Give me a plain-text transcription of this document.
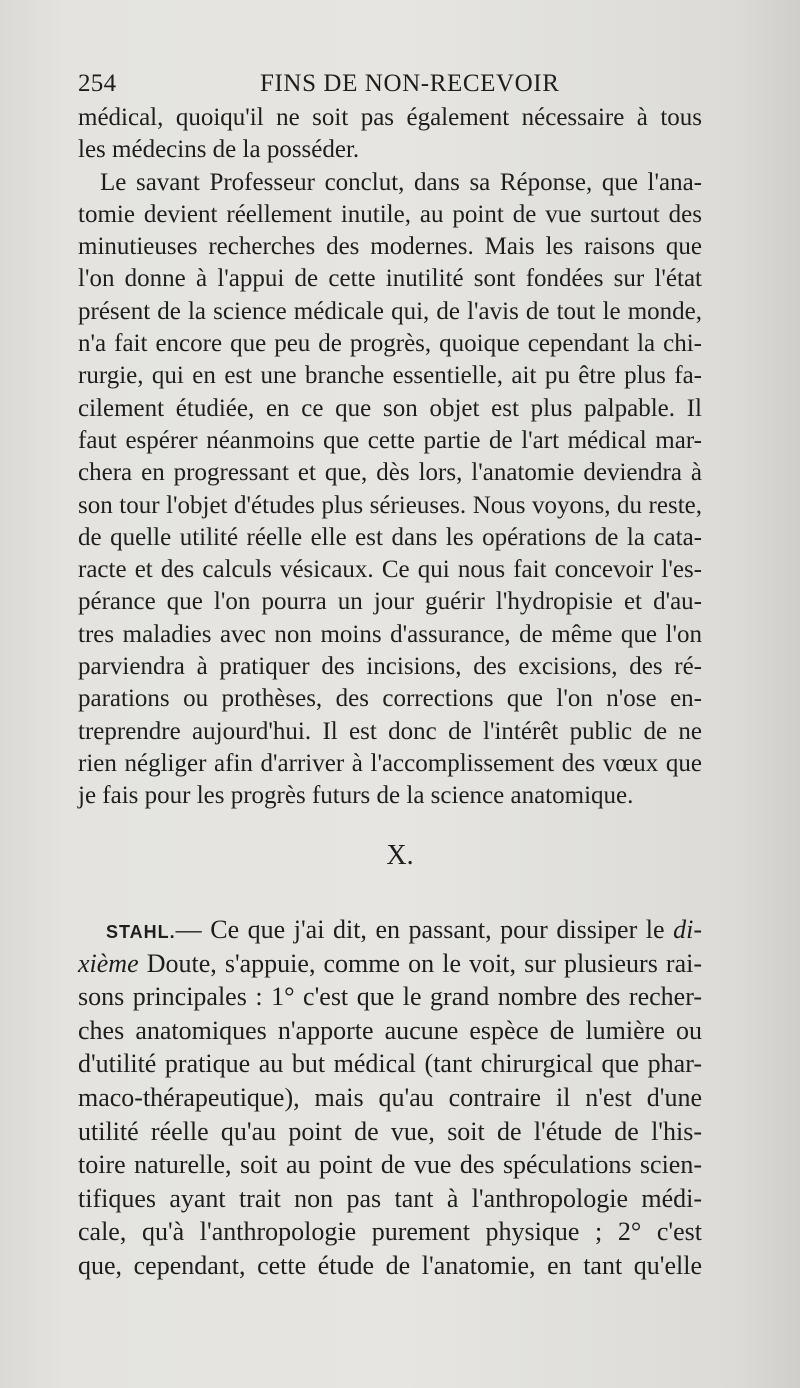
254	FINS DE NON-RECEVOIR
médical, quoiqu'il ne soit pas également nécessaire à tous
les médecins de la posséder.
Le savant Professeur conclut, dans sa Réponse, que l'ana-
tomie devient réellement inutile, au point de vue surtout des
minutieuses recherches des modernes. Mais les raisons que
l'on donne à l'appui de cette inutilité sont fondées sur l'état
présent de la science médicale qui, de l'avis de tout le monde,
n'a fait encore que peu de progrès, quoique cependant la chi-
rurgie, qui en est une branche essentielle, ait pu être plus fa-
cilement étudiée, en ce que son objet est plus palpable. Il
faut espérer néanmoins que cette partie de l'art médical mar-
chera en progressant et que, dès lors, l'anatomie deviendra à
son tour l'objet d'études plus sérieuses. Nous voyons, du reste,
de quelle utilité réelle elle est dans les opérations de la cata-
racte et des calculs vésicaux. Ce qui nous fait concevoir l'es-
pérance que l'on pourra un jour guérir l'hydropisie et d'au-
tres maladies avec non moins d'assurance, de même que l'on
parviendra à pratiquer des incisions, des excisions, des ré-
parations ou prothèses, des corrections que l'on n'ose en-
treprendre aujourd'hui. Il est donc de l'intérêt public de ne
rien négliger afin d'arriver à l'accomplissement des vœux que
je fais pour les progrès futurs de la science anatomique.
X.
STAHL.— Ce que j'ai dit, en passant, pour dissiper le di-
xième Doute, s'appuie, comme on le voit, sur plusieurs rai-
sons principales : 1° c'est que le grand nombre des recher-
ches anatomiques n'apporte aucune espèce de lumière ou
d'utilité pratique au but médical (tant chirurgical que phar-
maco-thérapeutique), mais qu'au contraire il n'est d'une
utilité réelle qu'au point de vue, soit de l'étude de l'his-
toire naturelle, soit au point de vue des spéculations scien-
tifiques ayant trait non pas tant à l'anthropologie médi-
cale, qu'à l'anthropologie purement physique ; 2° c'est
que, cependant, cette étude de l'anatomie, en tant qu'elle
